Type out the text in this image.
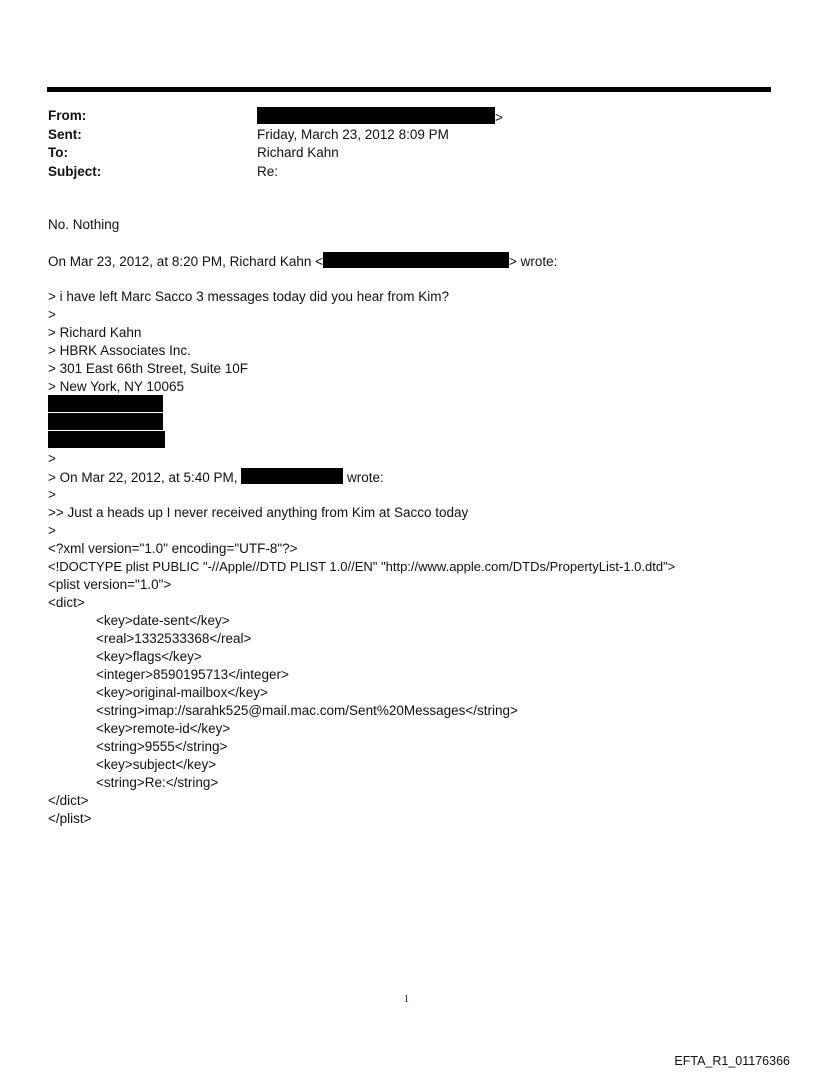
From:	>
Sent:	Friday, March 23, 2012 8:09 PM
To:	Richard Kahn
Subject:	Re:
No. Nothing
On Mar 23, 2012, at 8:20 PM, Richard Kahn <	> wrote:
> i have left Marc Sacco 3 messages today did you hear from Kim?
>
> Richard Kahn
> HBRK Associates Inc.
> 301 East 66th Street, Suite 10F
> New York, NY 10065
>
> On Mar 22, 2012, at 5:40 PM,	wrote:
>
>> Just a heads up I never received anything from Kim at Sacco today
>
<?xml version="1.0" encoding="UTF-8"?>
<!DOCTYPE plist PUBLIC "-//Apple//DTD PLIST 1.0//EN" "http://www.apple.com/DTDs/PropertyList-1.0.dtd">
<plist version="1.0">
<dict>
<key>date-sent</key>
<real>1332533368</real>
<key>flags</key>
<integer>8590195713</integer>
<key>original-mailbox</key>
<string>imap://sarahk525@mail.mac.com/Sent%20Messages</string>
<key>remote-id</key>
<string>9555</string>
<key>subject</key>
<string>Re:</string>
</dict>
</plist>
1
EFTA_R1_01176366
